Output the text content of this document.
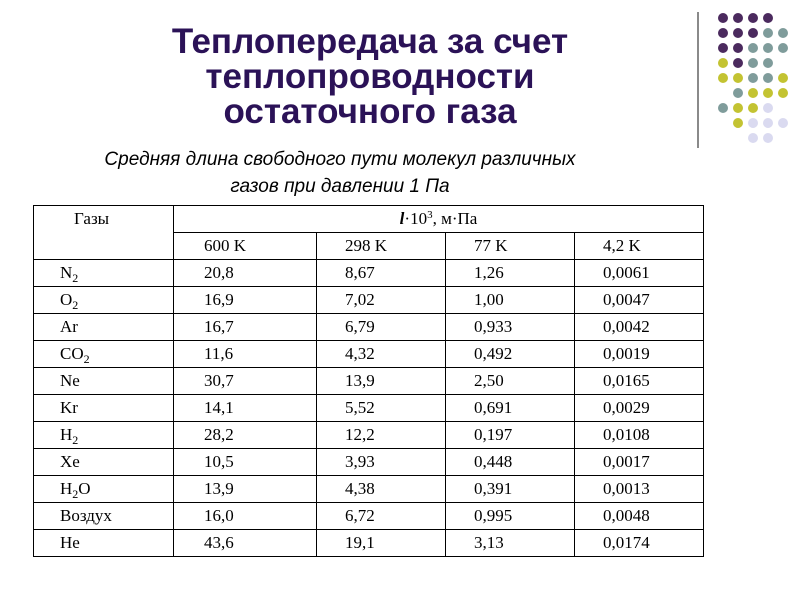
Теплопередача за счет
теплопроводности
остаточного газа
Средняя длина свободного пути молекул различных
газов при давлении 1 Па
Газы	$l\cdot 10^3$, м·Па			
	600 K	298 K	77 K	4,2 K
$N_2$	20,8	8,67	1,26	0,0061
$O_2$	16,9	7,02	1,00	0,0047
Ar	16,7	6,79	0,933	0,0042
$CO_2$	11,6	4,32	0,492	0,0019
Ne	30,7	13,9	2,50	0,0165
Kr	14,1	5,52	0,691	0,0029
$H_2$	28,2	12,2	0,197	0,0108
Xe	10,5	3,93	0,448	0,0017
$H_2O$	13,9	4,38	0,391	0,0013
Воздух	16,0	6,72	0,995	0,0048
He	43,6	19,1	3,13	0,0174
